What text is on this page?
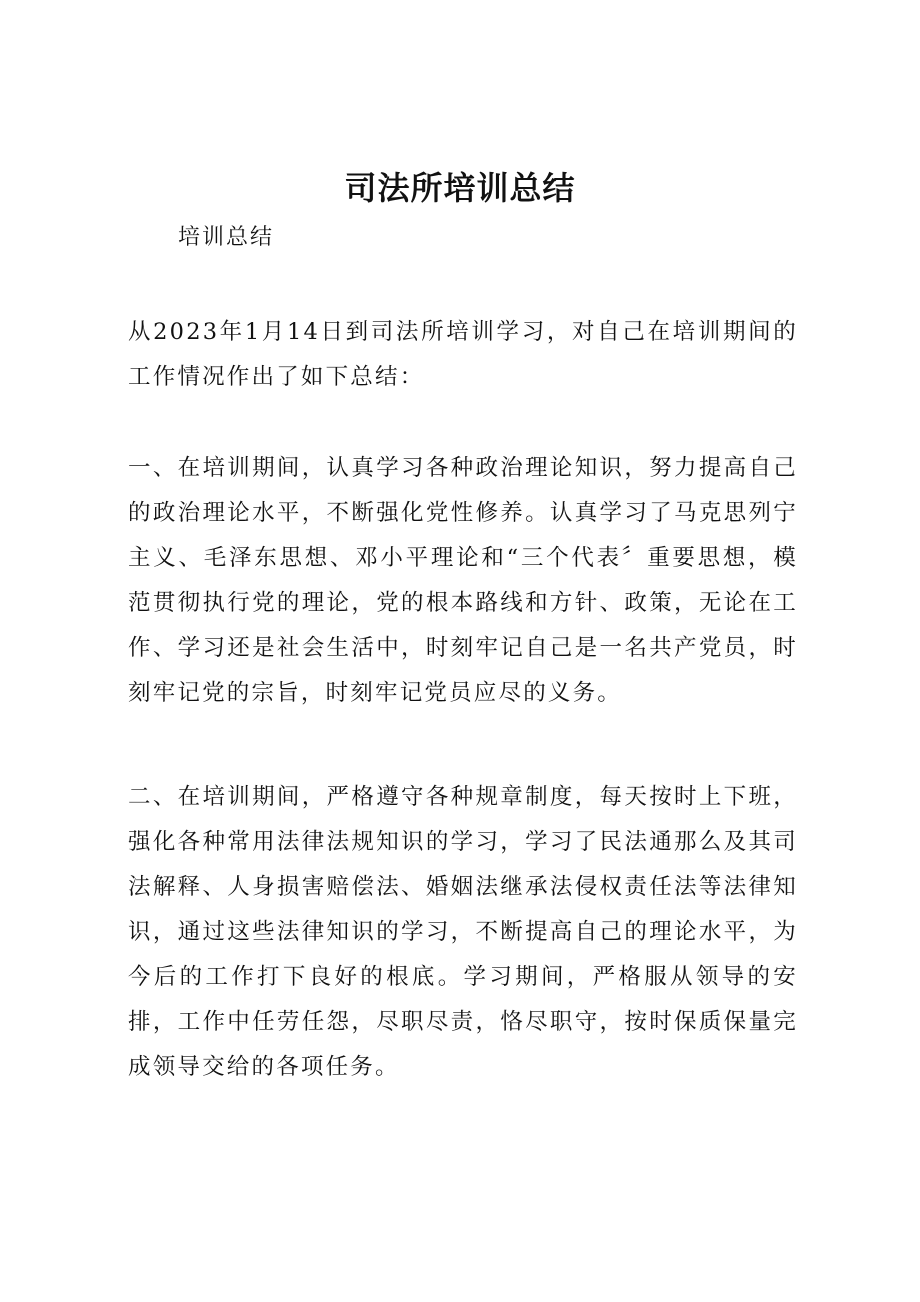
司法所培训总结

培训总结

从2023年1月14日到司法所培训学习，对自己在培训期间的工作情况作出了如下总结：

一、在培训期间，认真学习各种政治理论知识，努力提高自己的政治理论水平，不断强化党性修养。认真学习了马克思列宁主义、毛泽东思想、邓小平理论和“三个代表〞重要思想，模范贯彻执行党的理论，党的根本路线和方针、政策，无论在工作、学习还是社会生活中，时刻牢记自己是一名共产党员，时刻牢记党的宗旨，时刻牢记党员应尽的义务。

二、在培训期间，严格遵守各种规章制度，每天按时上下班，强化各种常用法律法规知识的学习，学习了民法通那么及其司法解释、人身损害赔偿法、婚姻法继承法侵权责任法等法律知识，通过这些法律知识的学习，不断提高自己的理论水平，为今后的工作打下良好的根底。学习期间，严格服从领导的安排，工作中任劳任怨，尽职尽责，恪尽职守，按时保质保量完成领导交给的各项任务。
